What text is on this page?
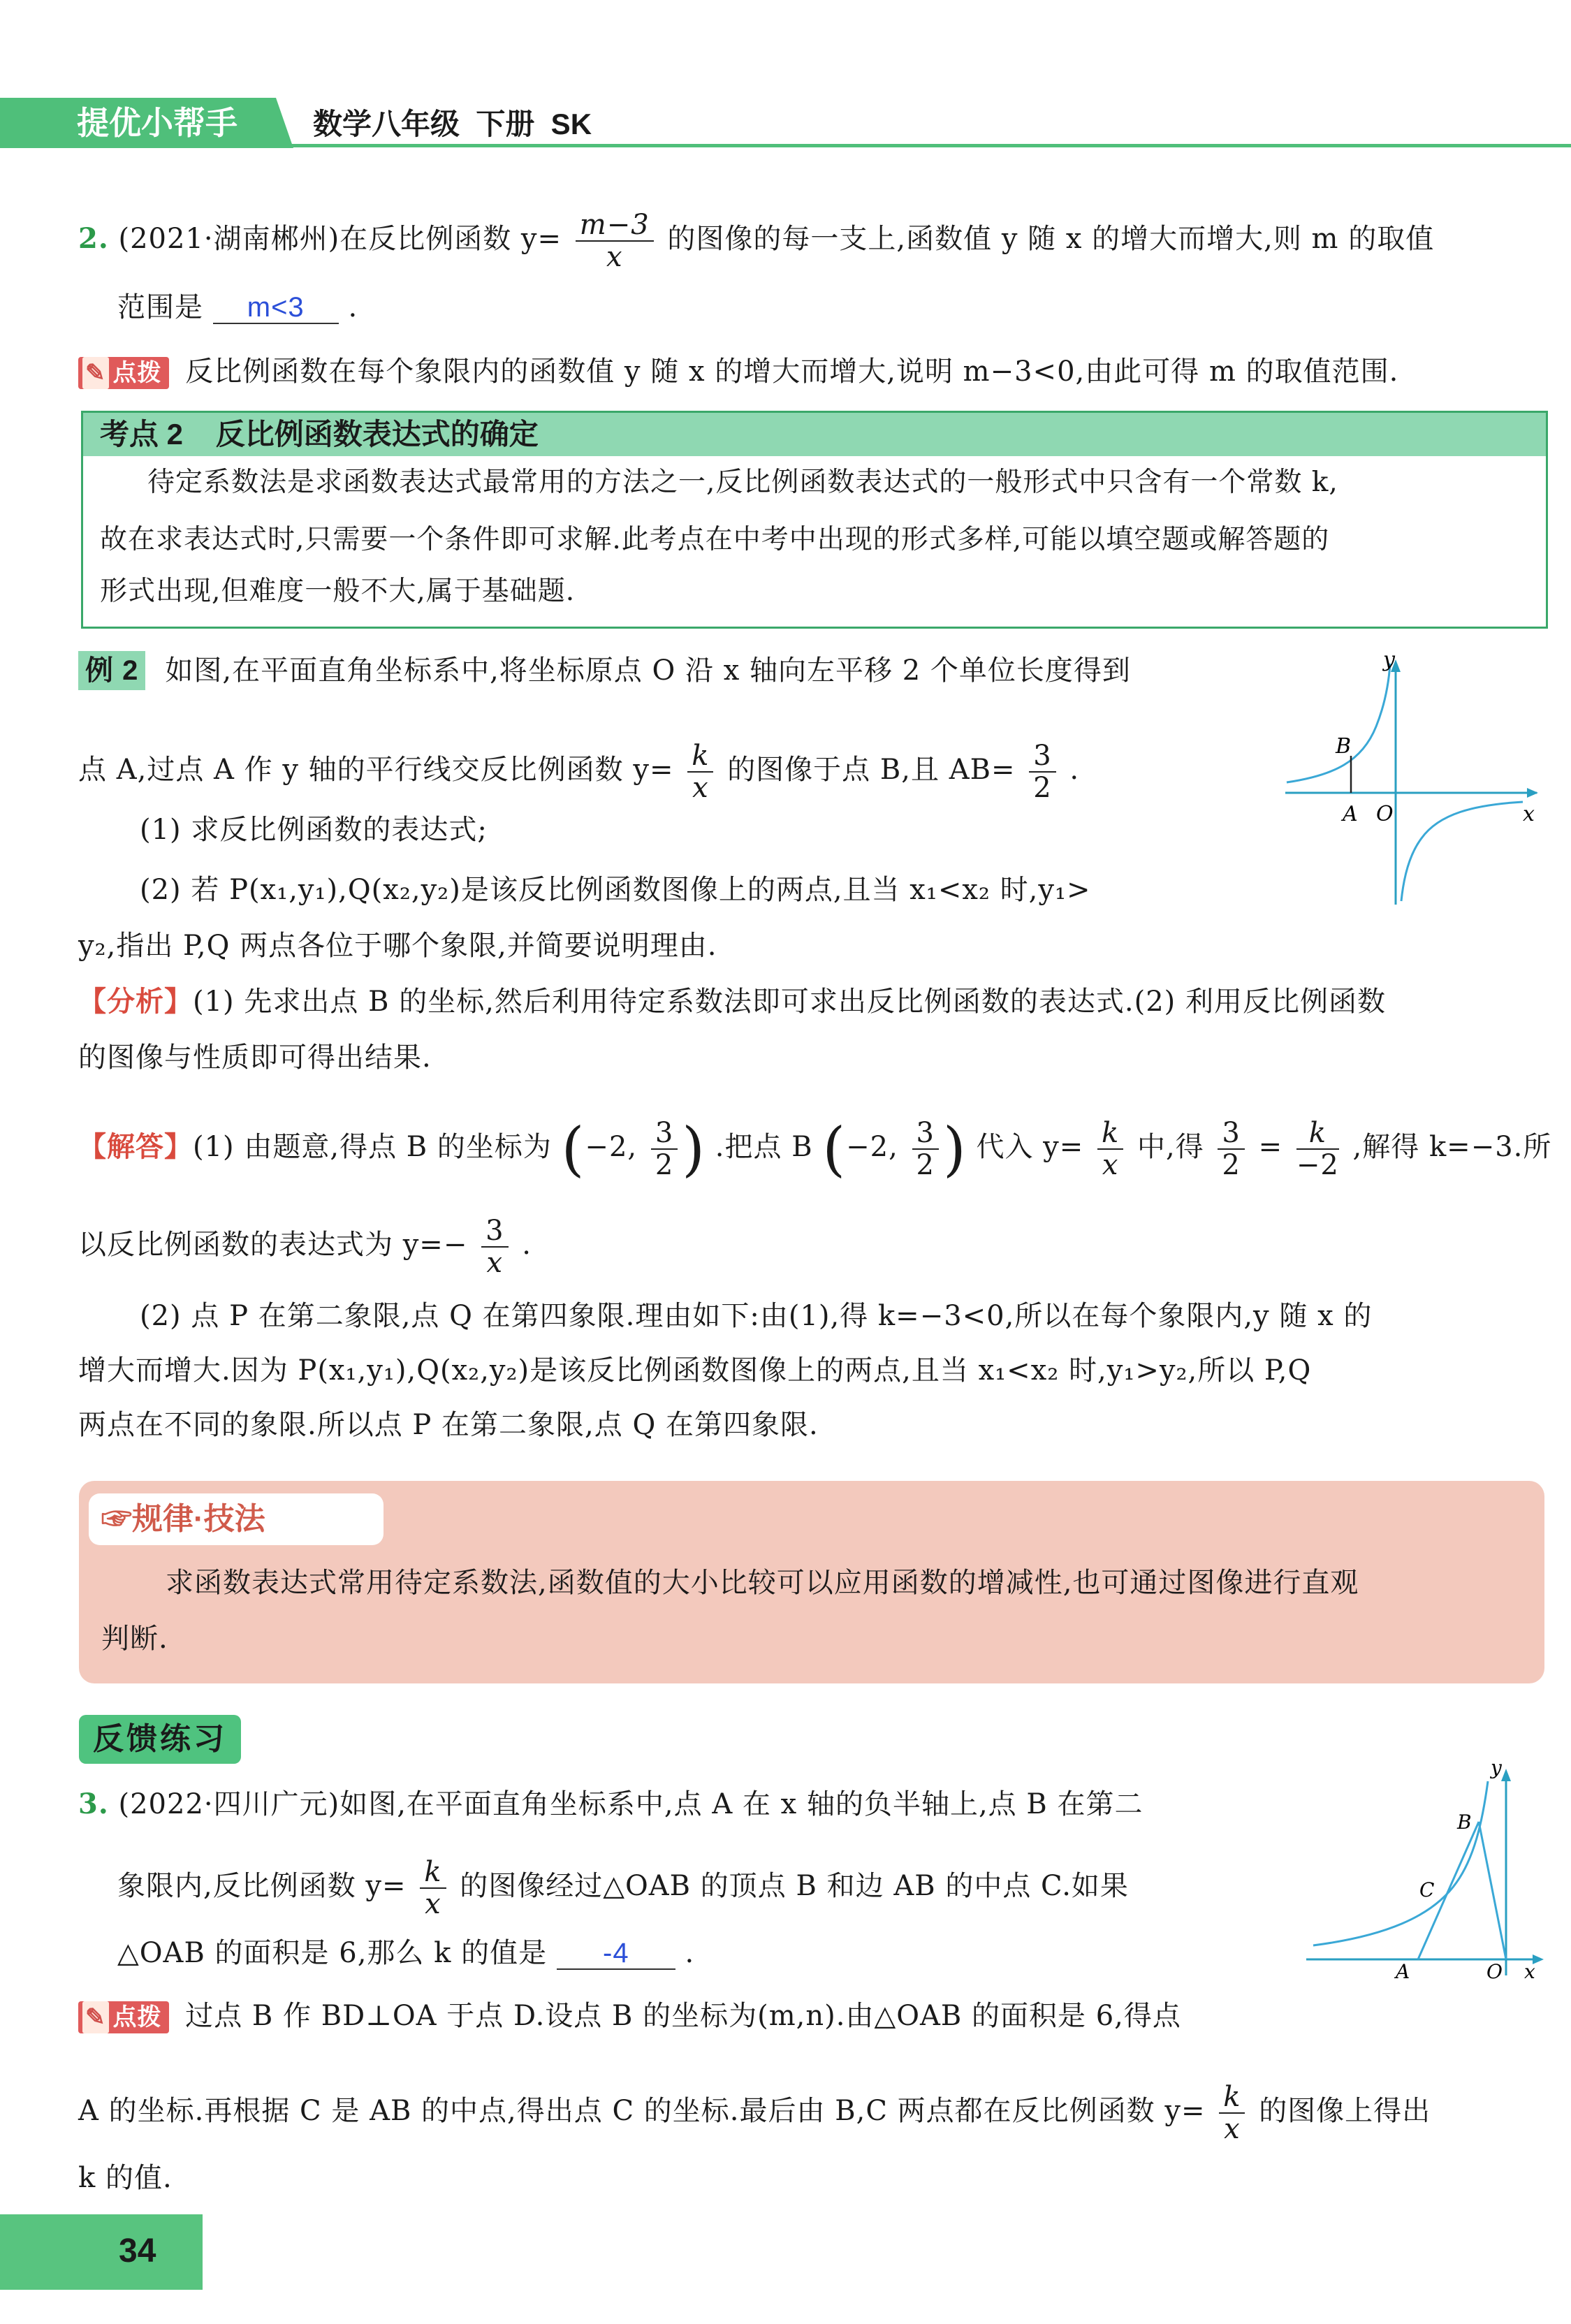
提优小帮手	数学八年级  下册  SK
2. (2021·湖南郴州)在反比例函数 $y= \frac{m-3}{x}$ 的图像的每一支上,函数值 y 随 x 的增大而增大,则 m 的取值
范围是 m<3 .
✎ 点拨 反比例函数在每个象限内的函数值 y 随 x 的增大而增大,说明 m−3<0,由此可得 m 的取值范围.
考点 2    反比例函数表达式的确定
待定系数法是求函数表达式最常用的方法之一,反比例函数表达式的一般形式中只含有一个常数 k,
故在求表达式时,只需要一个条件即可求解.此考点在中考中出现的形式多样,可能以填空题或解答题的
形式出现,但难度一般不大,属于基础题.
例 2 如图,在平面直角坐标系中,将坐标原点 O 沿 x 轴向左平移 2 个单位长度得到
点 A,过点 A 作 y 轴的平行线交反比例函数 $y= \frac{k}{x}$ 的图像于点 B,且 $AB= \frac{3}{2}$ .
(1) 求反比例函数的表达式;
(2) 若 P(x₁,y₁),Q(x₂,y₂)是该反比例函数图像上的两点,且当 x₁<x₂ 时,y₁>
y₂,指出 P,Q 两点各位于哪个象限,并简要说明理由.
B
A O	x
y
【分析】(1) 先求出点 B 的坐标,然后利用待定系数法即可求出反比例函数的表达式.(2) 利用反比例函数
的图像与性质即可得出结果.
【解答】(1) 由题意,得点 B 的坐标为 (−2, $\frac{3}{2}$ ) .把点 B (−2, $\frac{3}{2}$ ) 代入 $y= \frac{k}{x}$ 中,得 $\frac{3}{2} = \frac{k}{-2}$ ,解得 k=−3.所
以反比例函数的表达式为 $y=- \frac{3}{x}$ .
(2) 点 P 在第二象限,点 Q 在第四象限.理由如下:由(1),得 k=−3<0,所以在每个象限内,y 随 x 的
增大而增大.因为 P(x₁,y₁),Q(x₂,y₂)是该反比例函数图像上的两点,且当 x₁<x₂ 时,y₁>y₂,所以 P,Q
两点在不同的象限.所以点 P 在第二象限,点 Q 在第四象限.
☞规律·技法
求函数表达式常用待定系数法,函数值的大小比较可以应用函数的增减性,也可通过图像进行直观
判断.
反馈练习
3. (2022·四川广元)如图,在平面直角坐标系中,点 A 在 x 轴的负半轴上,点 B 在第二
象限内,反比例函数 $y= \frac{k}{x}$ 的图像经过△OAB 的顶点 B 和边 AB 的中点 C.如果
△OAB 的面积是 6,那么 k 的值是 -4 .
✎ 点拨 过点 B 作 BD⊥OA 于点 D.设点 B 的坐标为(m,n).由△OAB 的面积是 6,得点
A 的坐标.再根据 C 是 AB 的中点,得出点 C 的坐标.最后由 B,C 两点都在反比例函数 $y= \frac{k}{x}$ 的图像上得出
k 的值.
B
C
A	O x
y
34
